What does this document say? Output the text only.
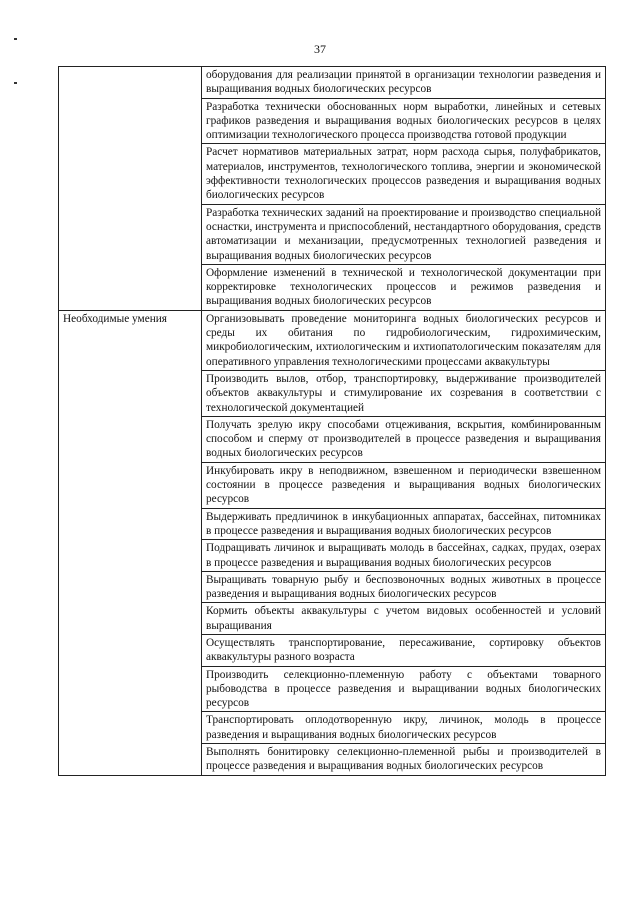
37
	оборудования для реализации принятой в организации технологии разведения и выращивания водных биологических ресурсов
	Разработка технически обоснованных норм выработки, линейных и сетевых графиков разведения и выращивания водных биологических ресурсов в целях оптимизации технологического процесса производства готовой продукции
	Расчет нормативов материальных затрат, норм расхода сырья, полуфабрикатов, материалов, инструментов, технологического топлива, энергии и экономической эффективности технологических процессов разведения и выращивания водных биологических ресурсов
	Разработка технических заданий на проектирование и производство специальной оснастки, инструмента и приспособлений, нестандартного оборудования, средств автоматизации и механизации, предусмотренных технологией разведения и выращивания водных биологических ресурсов
	Оформление изменений в технической и технологической документации при корректировке технологических процессов и режимов разведения и выращивания водных биологических ресурсов
Необходимые умения	Организовывать проведение мониторинга водных биологических ресурсов и среды их обитания по гидробиологическим, гидрохимическим, микробиологическим, ихтиологическим и ихтиопатологическим показателям для оперативного управления технологическими процессами аквакультуры
	Производить вылов, отбор, транспортировку, выдерживание производителей объектов аквакультуры и стимулирование их созревания в соответствии с технологической документацией
	Получать зрелую икру способами отцеживания, вскрытия, комбинированным способом и сперму от производителей в процессе разведения и выращивания водных биологических ресурсов
	Инкубировать икру в неподвижном, взвешенном и периодически взвешенном состоянии в процессе разведения и выращивания водных биологических ресурсов
	Выдерживать предличинок в инкубационных аппаратах, бассейнах, питомниках в процессе разведения и выращивания водных биологических ресурсов
	Подращивать личинок и выращивать молодь в бассейнах, садках, прудах, озерах в процессе разведения и выращивания водных биологических ресурсов
	Выращивать товарную рыбу и беспозвоночных водных животных в процессе разведения и выращивания водных биологических ресурсов
	Кормить объекты аквакультуры с учетом видовых особенностей и условий выращивания
	Осуществлять транспортирование, пересаживание, сортировку объектов аквакультуры разного возраста
	Производить селекционно-племенную работу с объектами товарного рыбоводства в процессе разведения и выращивании водных биологических ресурсов
	Транспортировать оплодотворенную икру, личинок, молодь в процессе разведения и выращивания водных биологических ресурсов
	Выполнять бонитировку селекционно-племенной рыбы и производителей в процессе разведения и выращивания водных биологических ресурсов
